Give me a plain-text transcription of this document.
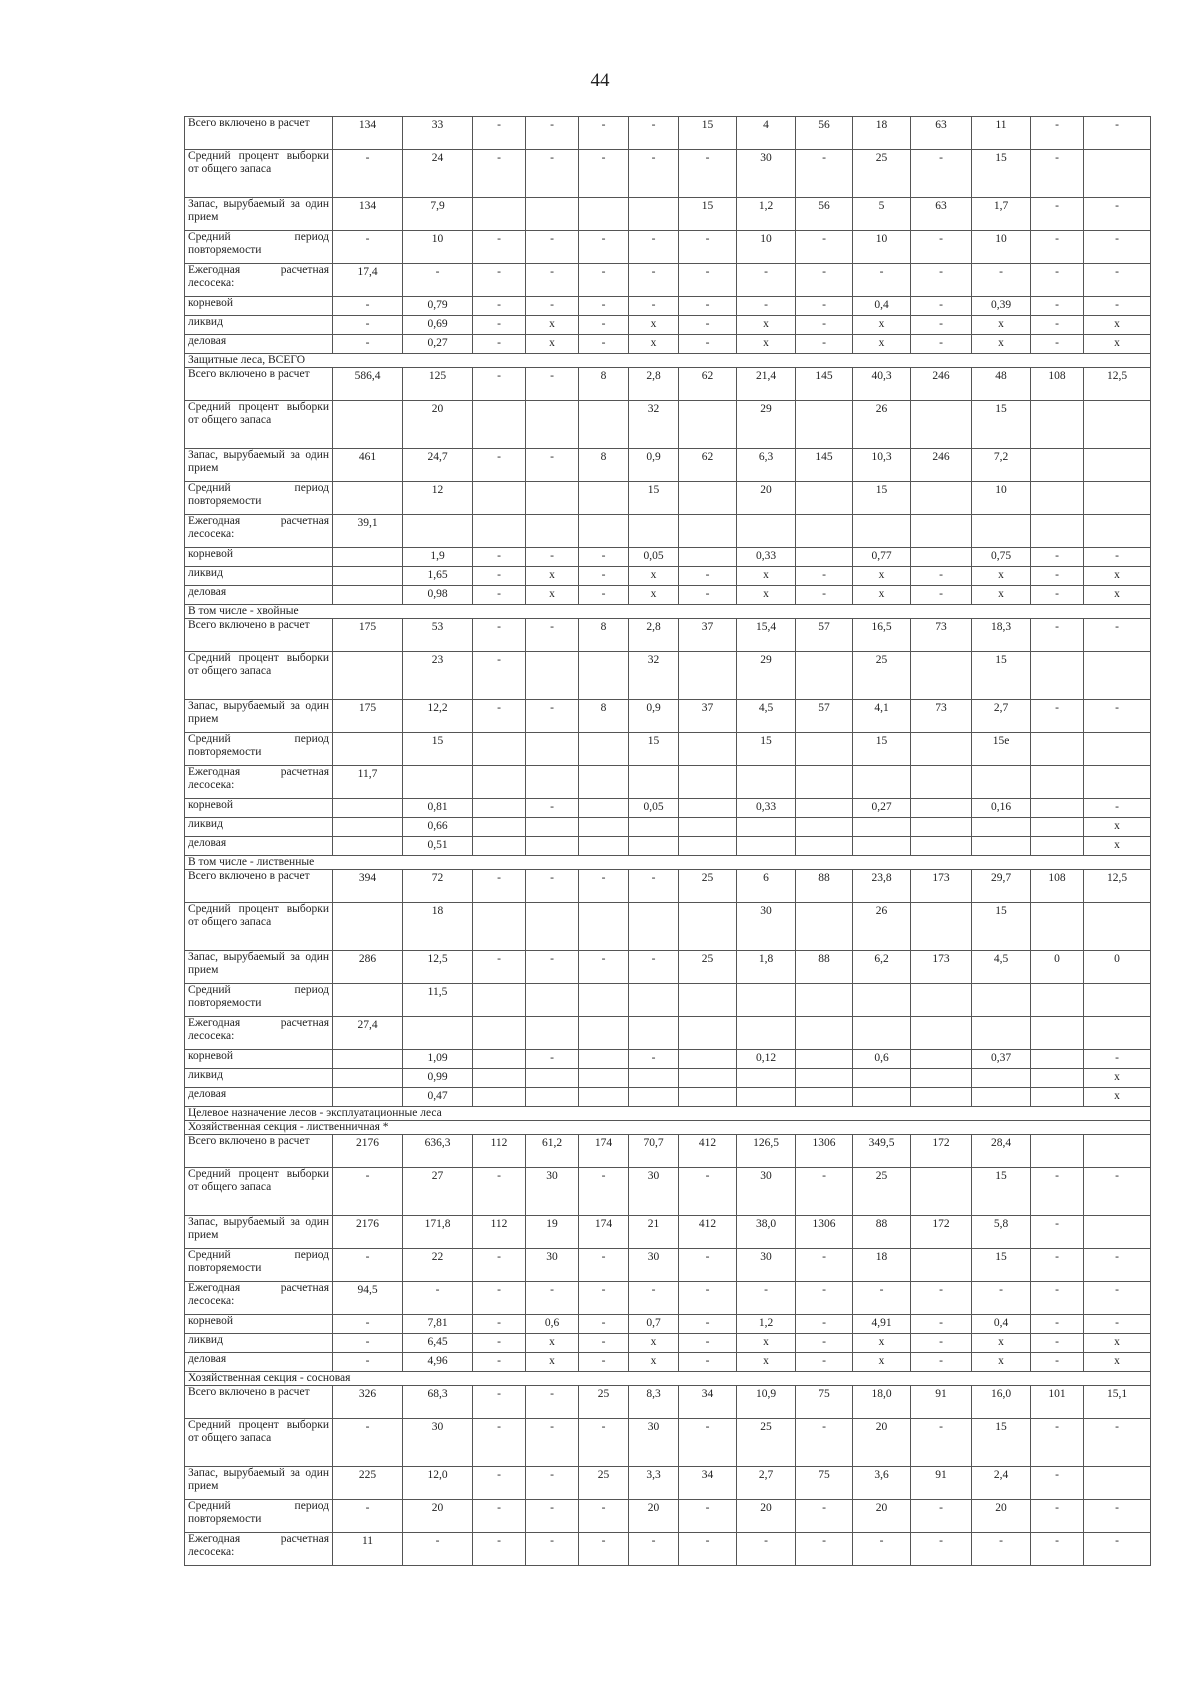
44
Всего включено в расчет	134	33	-	-	-	-	15	4	56	18	63	11	-	-
Средний процент выборки от общего запаса	-	24	-	-	-	-	-	30	-	25	-	15	-	
Запас, вырубаемый за один прием	134	7,9					15	1,2	56	5	63	1,7	-	-
Средний период повторяемости	-	10	-	-	-	-	-	10	-	10	-	10	-	-
Ежегодная расчетная лесосека:	17,4	-	-	-	-	-	-	-	-	-	-	-	-	-
корневой	-	0,79	-	-	-	-	-	-	-	0,4	-	0,39	-	-
ликвид	-	0,69	-	x	-	x	-	x	-	x	-	x	-	x
деловая	-	0,27	-	x	-	x	-	x	-	x	-	x	-	x
Защитные леса, ВСЕГО														
Всего включено в расчет	586,4	125	-	-	8	2,8	62	21,4	145	40,3	246	48	108	12,5
Средний процент выборки от общего запаса		20				32		29		26		15		
Запас, вырубаемый за один прием	461	24,7	-	-	8	0,9	62	6,3	145	10,3	246	7,2		
Средний период повторяемости		12				15		20		15		10		
Ежегодная расчетная лесосека:	39,1													
корневой		1,9	-	-	-	0,05		0,33		0,77		0,75	-	-
ликвид		1,65	-	x	-	x	-	x	-	x	-	x	-	x
деловая		0,98	-	x	-	x	-	x	-	x	-	x	-	x
В том числе - хвойные														
Всего включено в расчет	175	53	-	-	8	2,8	37	15,4	57	16,5	73	18,3	-	-
Средний процент выборки от общего запаса		23	-			32		29		25		15		
Запас, вырубаемый за один прием	175	12,2	-	-	8	0,9	37	4,5	57	4,1	73	2,7	-	-
Средний период повторяемости		15				15		15		15		15е		
Ежегодная расчетная лесосека:	11,7													
корневой		0,81		-		0,05		0,33		0,27		0,16		-
ликвид		0,66												x
деловая		0,51												x
В том числе - лиственные														
Всего включено в расчет	394	72	-	-	-	-	25	6	88	23,8	173	29,7	108	12,5
Средний процент выборки от общего запаса		18						30		26		15		
Запас, вырубаемый за один прием	286	12,5	-	-	-	-	25	1,8	88	6,2	173	4,5	0	0
Средний период повторяемости		11,5												
Ежегодная расчетная лесосека:	27,4													
корневой		1,09		-		-		0,12		0,6		0,37		-
ликвид		0,99												x
деловая		0,47												x
Целевое назначение лесов - эксплуатационные леса														
Хозяйственная секция - лиственничная *														
Всего включено в расчет	2176	636,3	112	61,2	174	70,7	412	126,5	1306	349,5	172	28,4		
Средний процент выборки от общего запаса	-	27	-	30	-	30	-	30	-	25		15	-	-
Запас, вырубаемый за один прием	2176	171,8	112	19	174	21	412	38,0	1306	88	172	5,8	-	
Средний период повторяемости	-	22	-	30	-	30	-	30	-	18		15	-	-
Ежегодная расчетная лесосека:	94,5	-	-	-	-	-	-	-	-	-	-	-	-	-
корневой	-	7,81	-	0,6	-	0,7	-	1,2	-	4,91	-	0,4	-	-
ликвид	-	6,45	-	x	-	x	-	x	-	x	-	x	-	x
деловая	-	4,96	-	x	-	x	-	x	-	x	-	x	-	x
Хозяйственная секция - сосновая														
Всего включено в расчет	326	68,3	-	-	25	8,3	34	10,9	75	18,0	91	16,0	101	15,1
Средний процент выборки от общего запаса	-	30	-	-	-	30	-	25	-	20	-	15	-	-
Запас, вырубаемый за один прием	225	12,0	-	-	25	3,3	34	2,7	75	3,6	91	2,4	-	
Средний период повторяемости	-	20	-	-	-	20	-	20	-	20	-	20	-	-
Ежегодная расчетная лесосека:	11	-	-	-	-	-	-	-	-	-	-	-	-	-
